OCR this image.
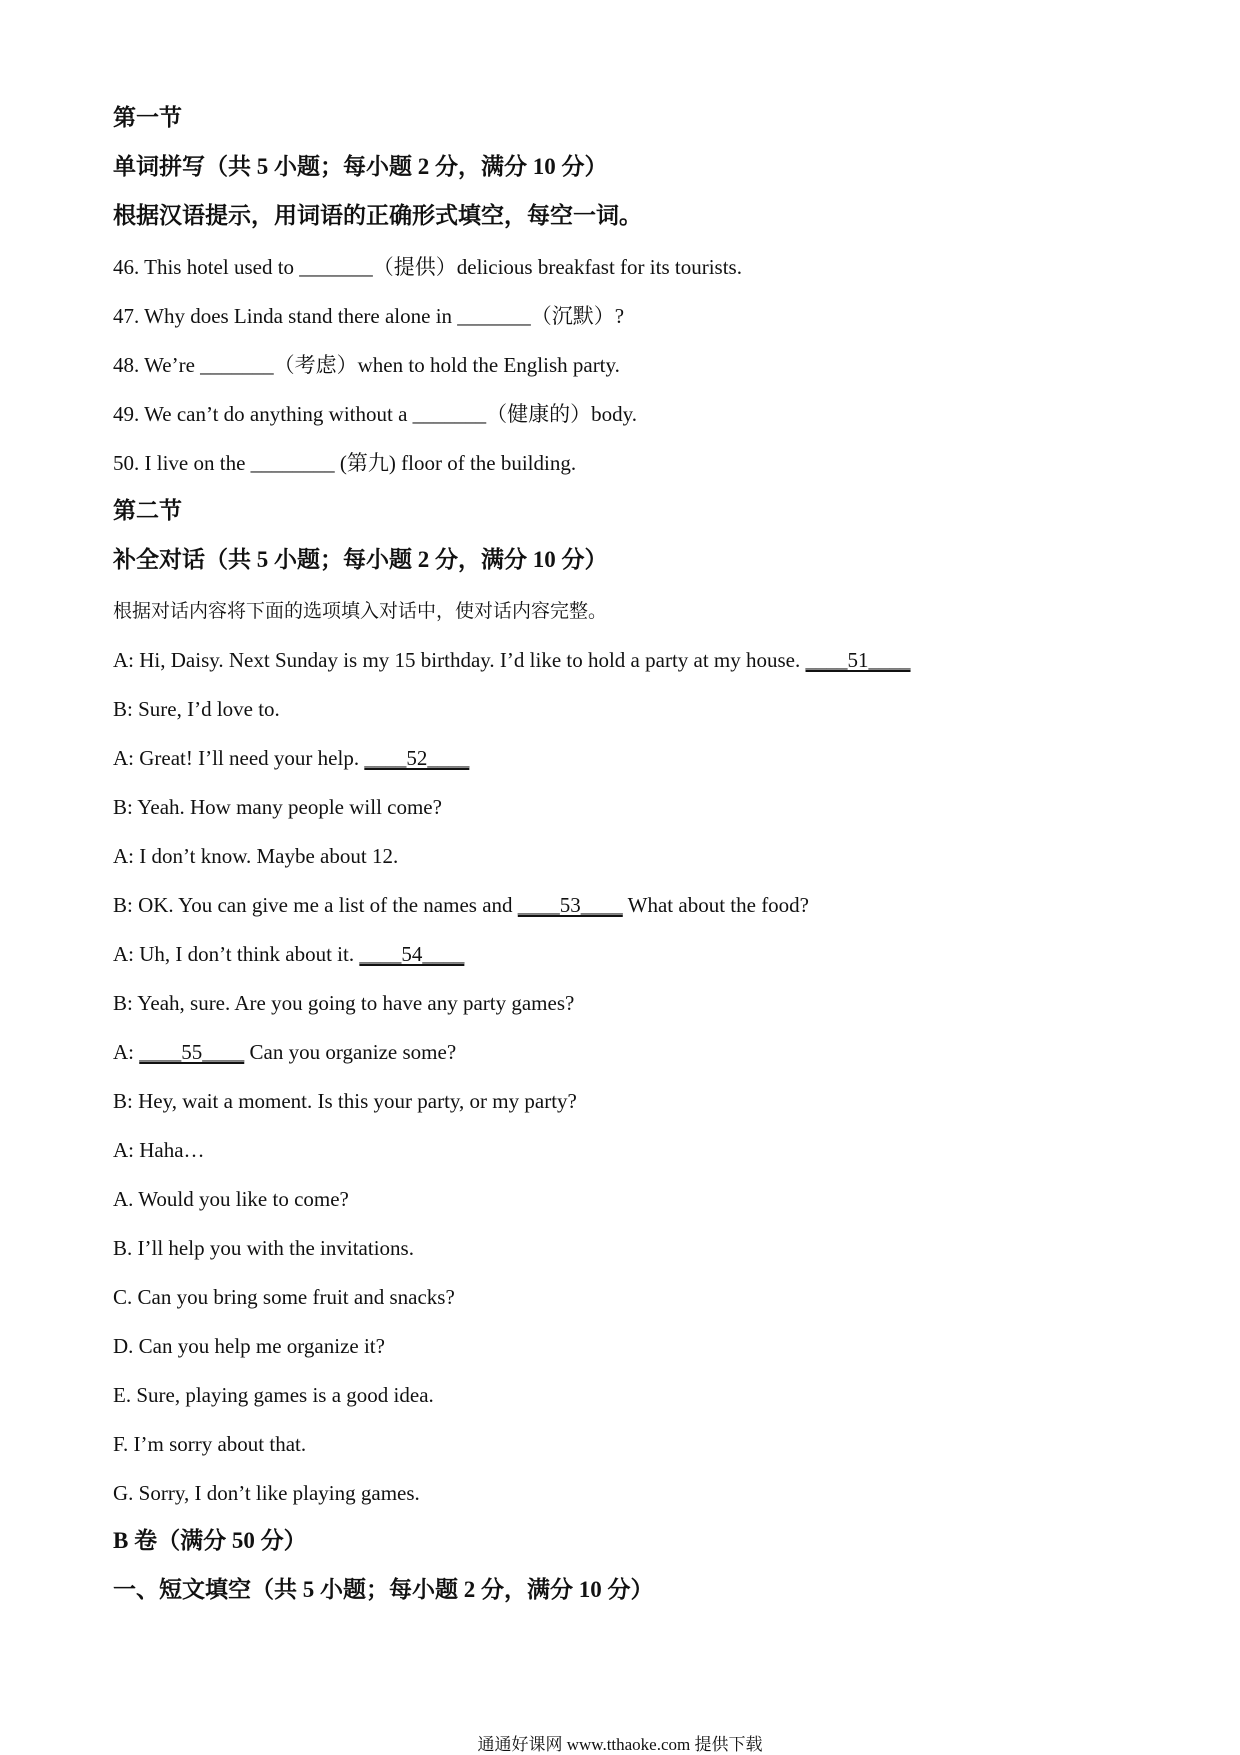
第一节
单词拼写（共 5 小题；每小题 2 分，满分 10 分）
根据汉语提示，用词语的正确形式填空，每空一词。
46. This hotel used to _______（提供）delicious breakfast for its tourists.
47. Why does Linda stand there alone in _______（沉默）?
48. We’re _______（考虑）when to hold the English party.
49. We can’t do anything without a _______（健康的）body.
50. I live on the ________ (第九) floor of the building.
第二节
补全对话（共 5 小题；每小题 2 分，满分 10 分）
根据对话内容将下面的选项填入对话中，使对话内容完整。
A: Hi, Daisy. Next Sunday is my 15 birthday. I’d like to hold a party at my house. ____51____
B: Sure, I’d love to.
A: Great! I’ll need your help. ____52____
B: Yeah. How many people will come?
A: I don’t know. Maybe about 12.
B: OK. You can give me a list of the names and ____53____ What about the food?
A: Uh, I don’t think about it. ____54____
B: Yeah, sure. Are you going to have any party games?
A: ____55____ Can you organize some?
B: Hey, wait a moment. Is this your party, or my party?
A: Haha…
A. Would you like to come?
B. I’ll help you with the invitations.
C. Can you bring some fruit and snacks?
D. Can you help me organize it?
E. Sure, playing games is a good idea.
F. I’m sorry about that.
G. Sorry, I don’t like playing games.
B 卷（满分 50 分）
一、短文填空（共 5 小题；每小题 2 分，满分 10 分）
通通好课网 www.tthaoke.com 提供下载
